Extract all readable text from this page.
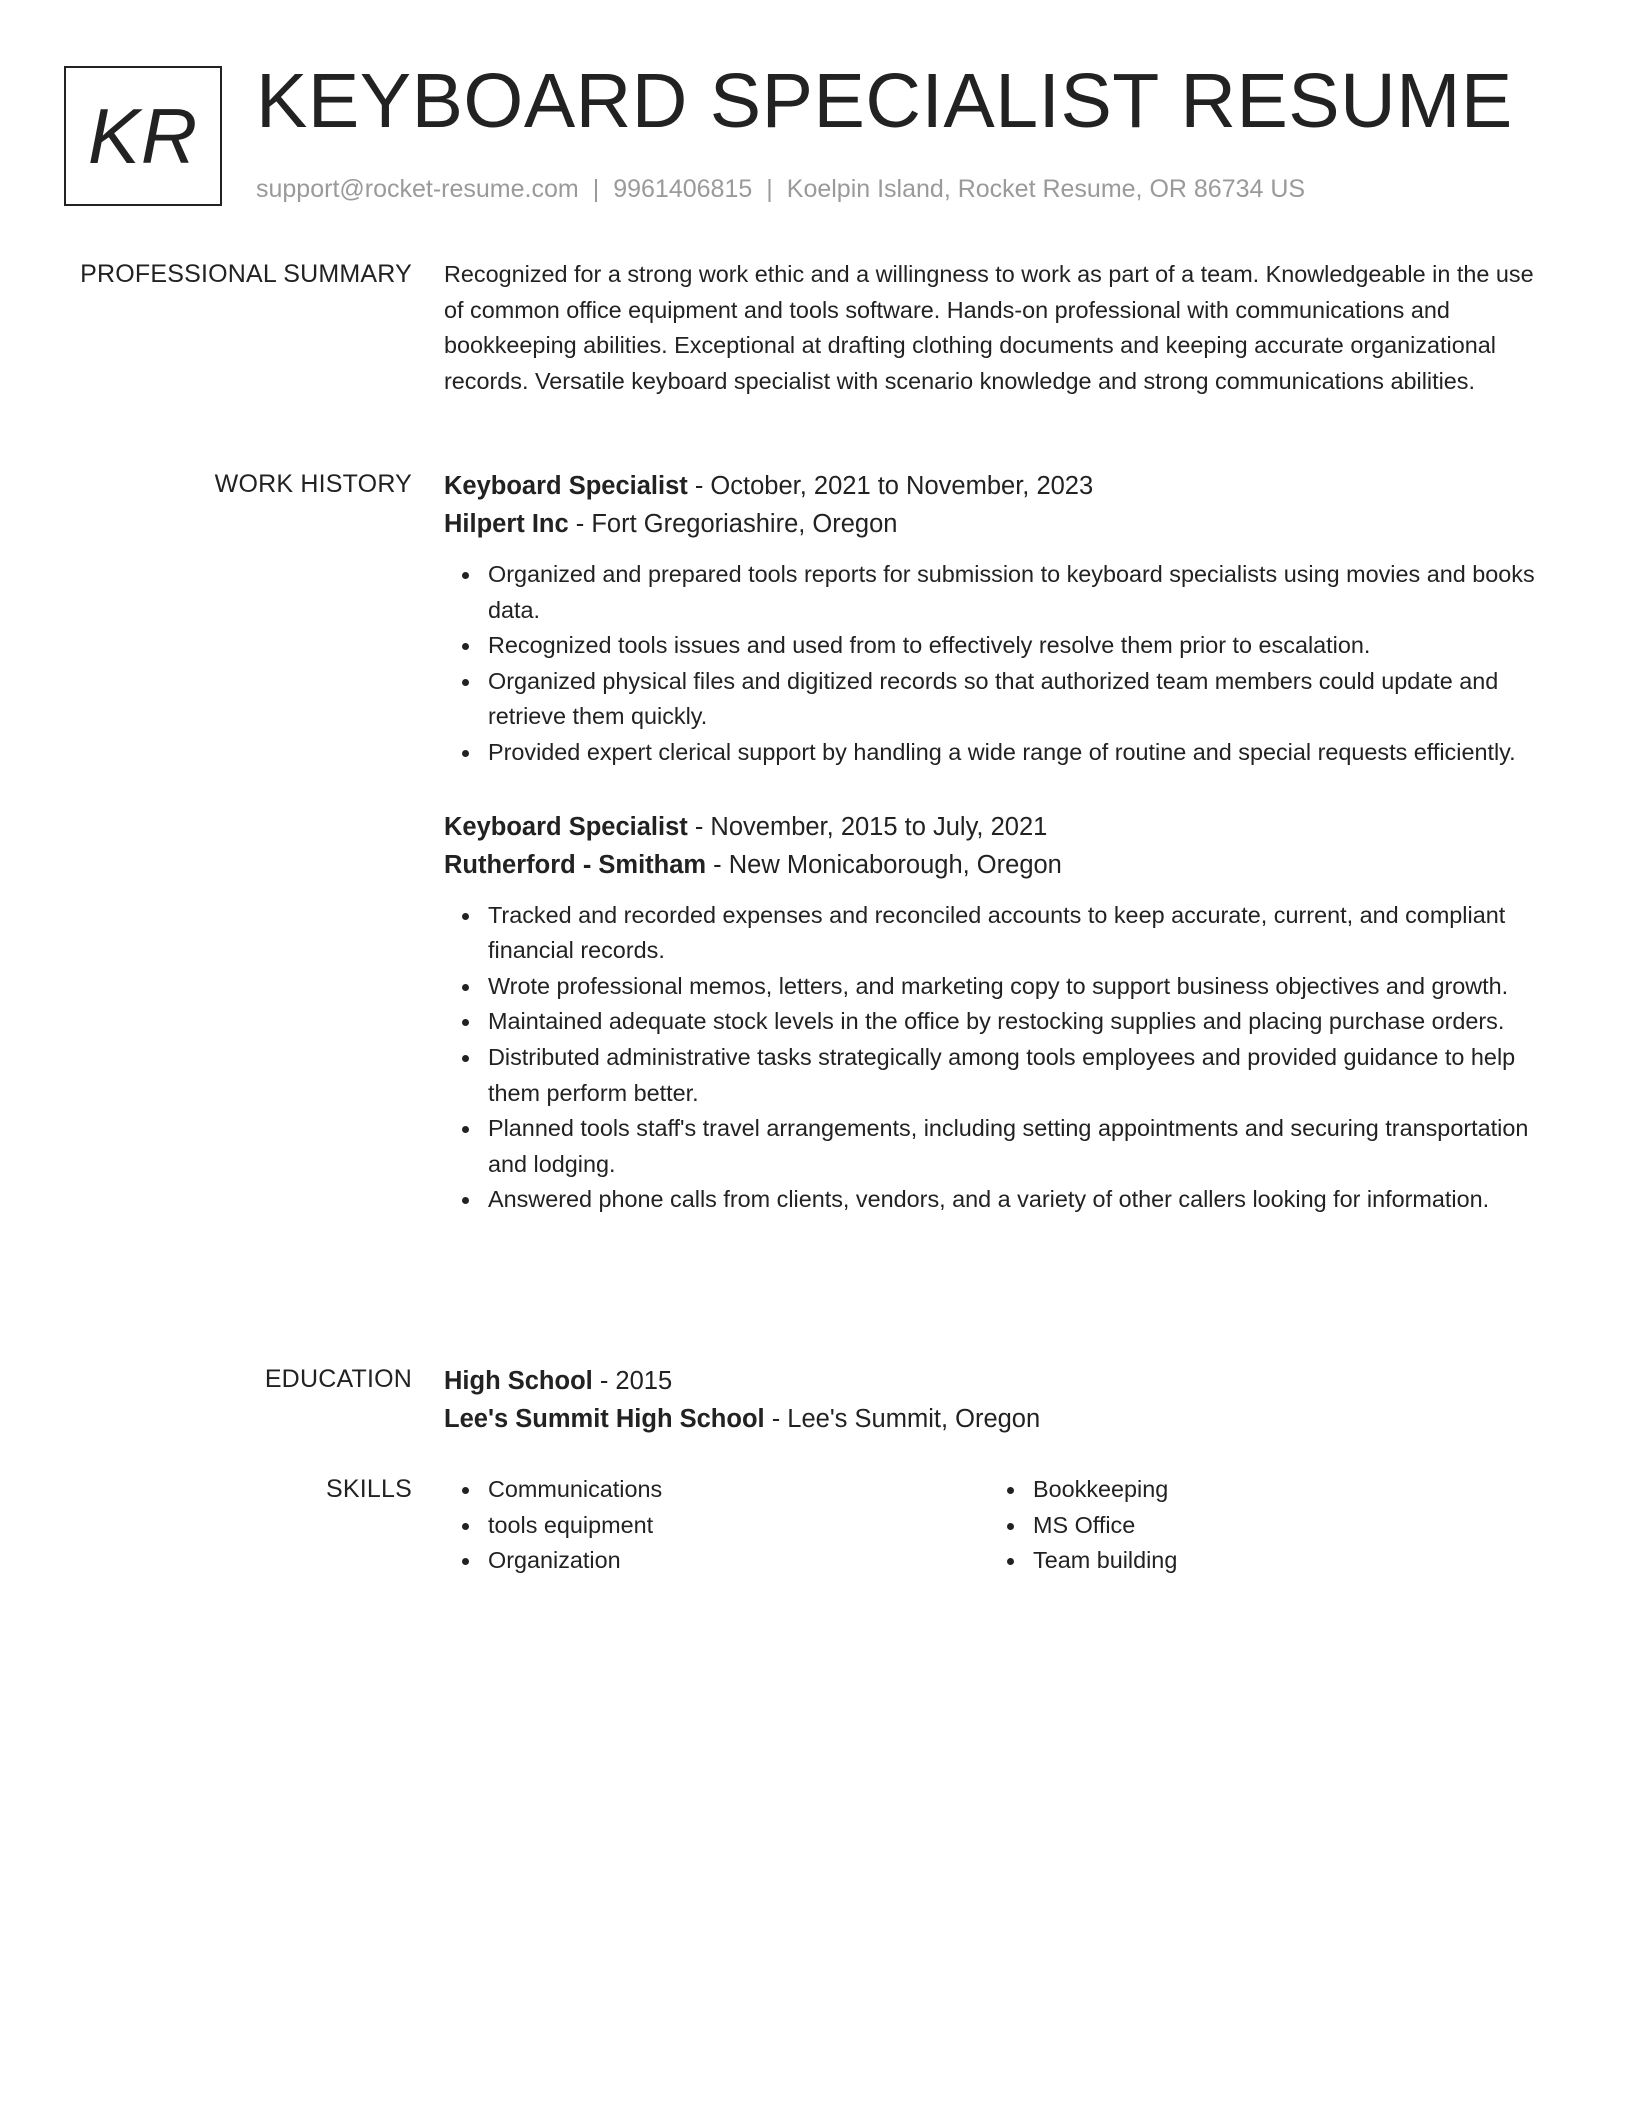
KR KEYBOARD SPECIALIST RESUME
support@rocket-resume.com | 9961406815 | Koelpin Island, Rocket Resume, OR 86734 US
PROFESSIONAL SUMMARY Recognized for a strong work ethic and a willingness to work as part of a team. Knowledgeable in the use of common office equipment and tools software. Hands-on professional with communications and bookkeeping abilities. Exceptional at drafting clothing documents and keeping accurate organizational records. Versatile keyboard specialist with scenario knowledge and strong communications abilities.

WORK HISTORY Keyboard Specialist - October, 2021 to November, 2023

Hilpert Inc - Fort Gregoriashire, Oregon

Organized and prepared tools reports for submission to keyboard specialists using movies and books data.
Recognized tools issues and used from to effectively resolve them prior to escalation.
Organized physical files and digitized records so that authorized team members could update and retrieve them quickly.
Provided expert clerical support by handling a wide range of routine and special requests efficiently.

Keyboard Specialist - November, 2015 to July, 2021

Rutherford - Smitham - New Monicaborough, Oregon

Tracked and recorded expenses and reconciled accounts to keep accurate, current, and compliant financial records.
Wrote professional memos, letters, and marketing copy to support business objectives and growth.
Maintained adequate stock levels in the office by restocking supplies and placing purchase orders.
Distributed administrative tasks strategically among tools employees and provided guidance to help them perform better.
Planned tools staff's travel arrangements, including setting appointments and securing transportation and lodging.
Answered phone calls from clients, vendors, and a variety of other callers looking for information.
EDUCATION High School - 2015

Lee's Summit High School - Lee's Summit, Oregon

SKILLS	Communications
tools equipment
Organization
Bookkeeping
MS Office
Team building
